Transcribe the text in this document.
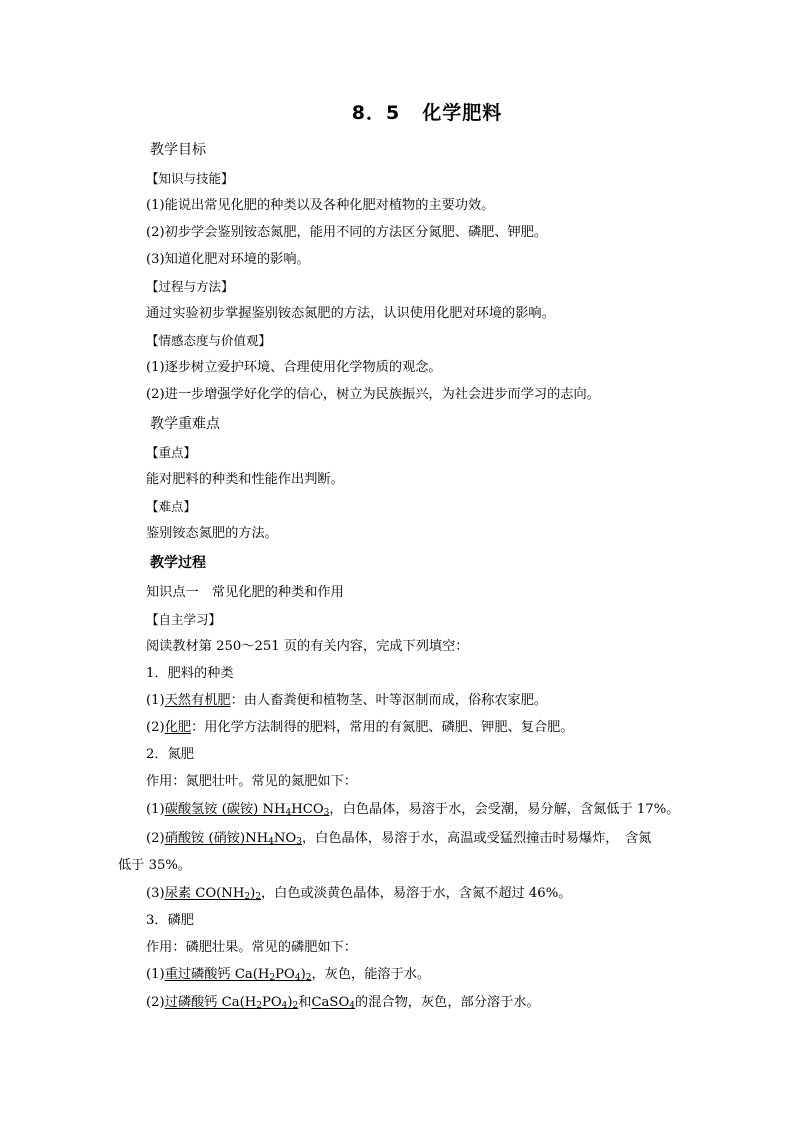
8．5 化学肥料
教学目标
【知识与技能】
(1)能说出常见化肥的种类以及各种化肥对植物的主要功效。
(2)初步学会鉴别铵态氮肥，能用不同的方法区分氮肥、磷肥、钾肥。
(3)知道化肥对环境的影响。
【过程与方法】
通过实验初步掌握鉴别铵态氮肥的方法，认识使用化肥对环境的影响。
【情感态度与价值观】
(1)逐步树立爱护环境、合理使用化学物质的观念。
(2)进一步增强学好化学的信心，树立为民族振兴，为社会进步而学习的志向。
教学重难点
【重点】
能对肥料的种类和性能作出判断。
【难点】
鉴别铵态氮肥的方法。
教学过程
知识点一　常见化肥的种类和作用
【自主学习】
阅读教材第 250～251 页的有关内容，完成下列填空：
1．肥料的种类
(1)天然有机肥：由人畜粪便和植物茎、叶等沤制而成，俗称农家肥。
(2)化肥：用化学方法制得的肥料，常用的有氮肥、磷肥、钾肥、复合肥。
2．氮肥
作用：氮肥壮叶。常见的氮肥如下：
(1)碳酸氢铵 (碳铵) $NH_4HCO_3$，白色晶体，易溶于水，会受潮，易分解，含氮低于 17%。
(2)硝酸铵 (硝铵)$NH_4NO_3$，白色晶体，易溶于水，高温或受猛烈撞击时易爆炸，　含氮
低于 35%。
(3)尿素 $CO(NH_2)_2$，白色或淡黄色晶体，易溶于水，含氮不超过 46%。
3．磷肥
作用：磷肥壮果。常见的磷肥如下：
(1)重过磷酸钙 $Ca(H_2PO_4)_2$，灰色，能溶于水。
(2)过磷酸钙 $Ca(H_2PO_4)_2$和CaSO$_4$的混合物，灰色，部分溶于水。
